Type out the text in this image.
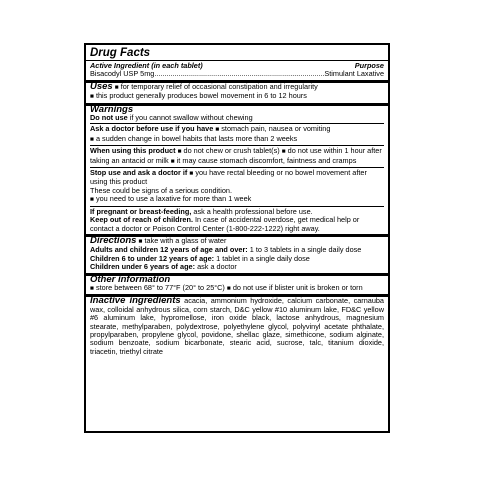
Drug Facts
Active Ingredient (in each tablet)	Purpose
Bisacodyl USP 5mg
.....	Stimulant Laxative

Uses ■ for temporary relief of occasional constipation and irregularity

■ this product generally produces bowel movement in 6 to 12 hours

Warnings

Do not use if you cannot swallow without chewing

Ask a doctor before use if you have ■ stomach pain, nausea or vomiting

■ a sudden change in bowel habits that lasts more than 2 weeks

When using this product ■ do not chew or crush tablet(s) ■ do not use within 1 hour after taking an antacid or milk ■ it may cause stomach discomfort, faintness and cramps

Stop use and ask a doctor if ■ you have rectal bleeding or no bowel movement after using this product

These could be signs of a serious condition.

■ you need to use a laxative for more than 1 week

If pregnant or breast-feeding, ask a health professional before use.

Keep out of reach of children. In case of accidental overdose, get medical help or contact a doctor or Poison Control Center (1-800-222-1222) right away.

Directions ■ take with a glass of water

Adults and children 12 years of age and over: 1 to 3 tablets in a single daily dose

Children 6 to under 12 years of age: 1 tablet in a single daily dose

Children under 6 years of age: ask a doctor

Other information

■ store between 68° to 77°F (20° to 25°C) ■ do not use if blister unit is broken or torn

Inactive ingredients acacia, ammonium hydroxide, calcium carbonate, carnauba wax, colloidal anhydrous silica, corn starch, D&C yellow #10 aluminum lake, FD&C yellow #6 aluminum lake, hypromellose, iron oxide black, lactose anhydrous, magnesium stearate, methylparaben, polydextrose, polyethylene glycol, polyvinyl acetate phthalate, propylparaben, propylene glycol, povidone, shellac glaze, simethicone, sodium alginate, sodium benzoate, sodium bicarbonate, stearic acid, sucrose, talc, titanium dioxide, triacetin, triethyl citrate
